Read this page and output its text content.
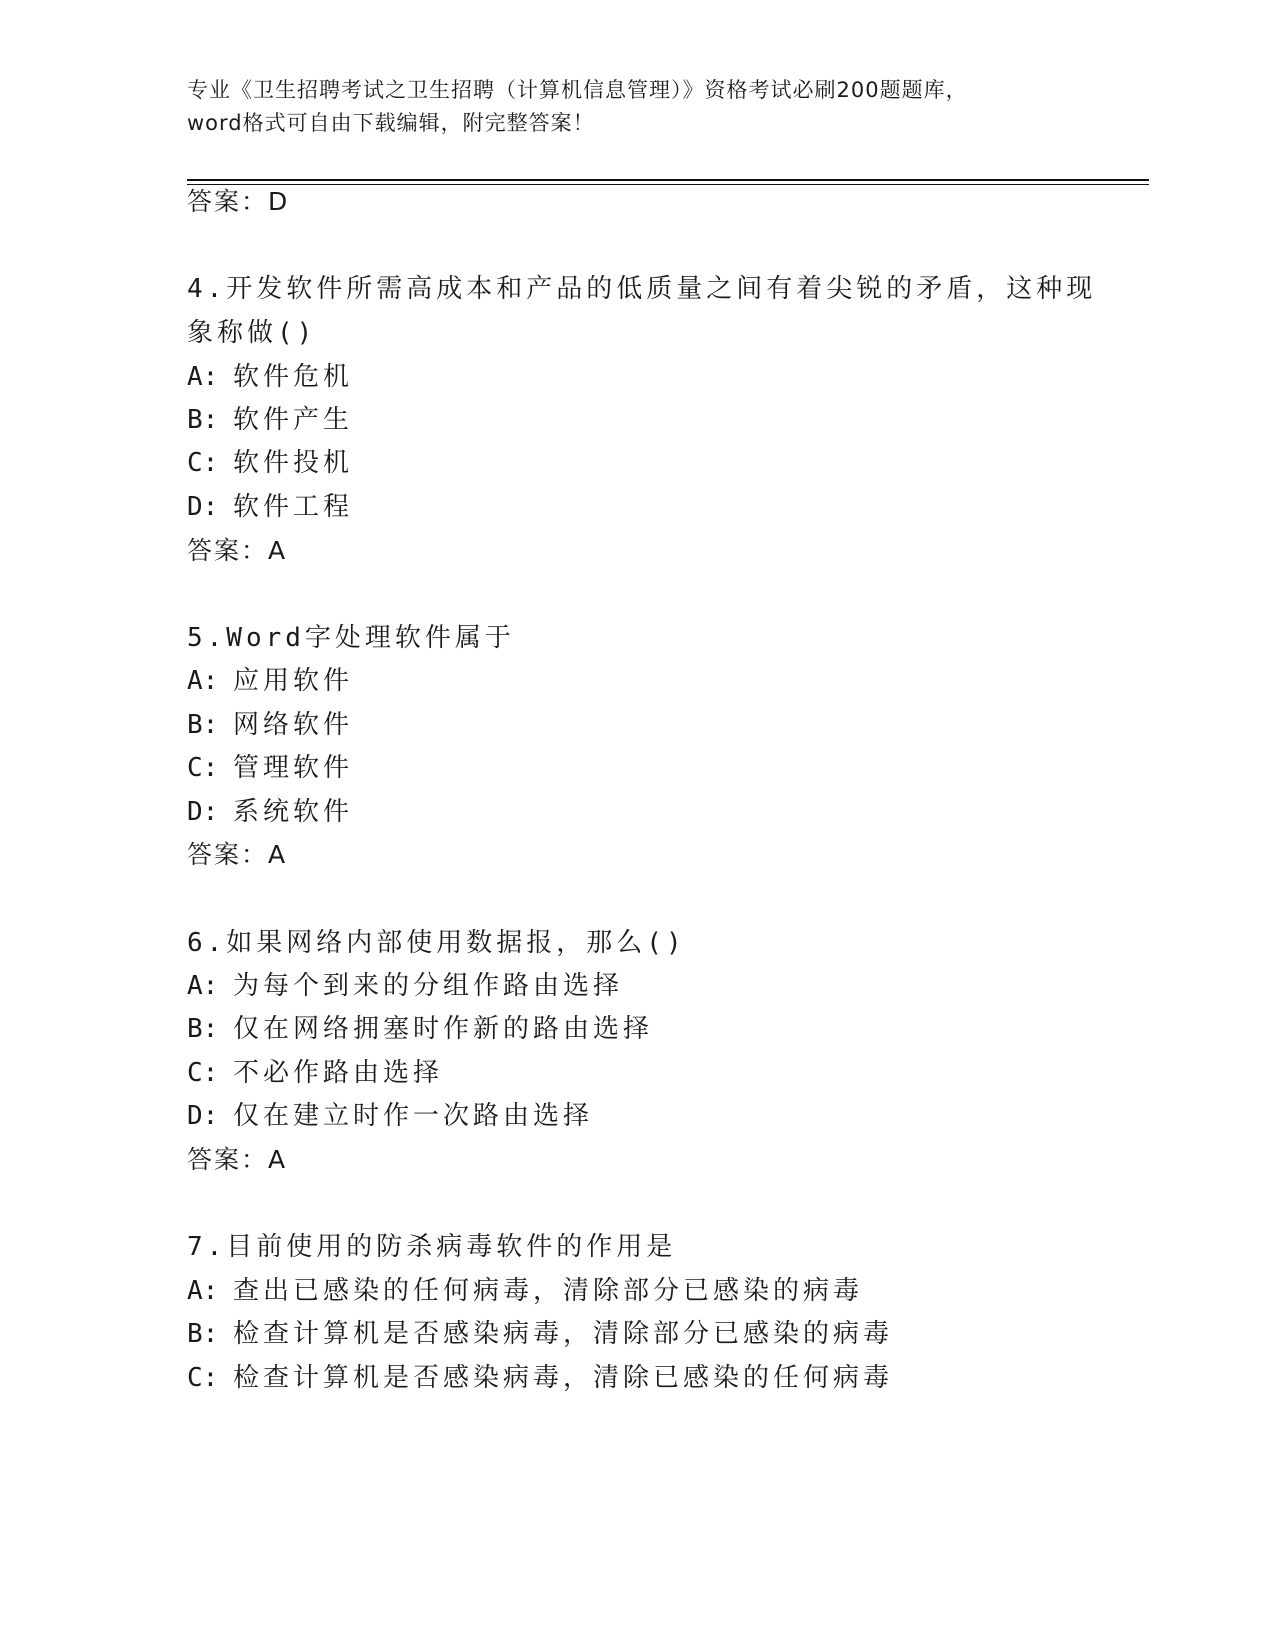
专业《卫生招聘考试之卫生招聘（计算机信息管理）》资格考试必刷200题题库，
word格式可自由下载编辑，附完整答案！
答案：D
4.开发软件所需高成本和产品的低质量之间有着尖锐的矛盾，这种现
象称做()
A: 软件危机
B: 软件产生
C: 软件投机
D: 软件工程
答案：A
5.Word字处理软件属于
A: 应用软件
B: 网络软件
C: 管理软件
D: 系统软件
答案：A
6.如果网络内部使用数据报，那么()
A: 为每个到来的分组作路由选择
B: 仅在网络拥塞时作新的路由选择
C: 不必作路由选择
D: 仅在建立时作一次路由选择
答案：A
7.目前使用的防杀病毒软件的作用是
A: 查出已感染的任何病毒，清除部分已感染的病毒
B: 检查计算机是否感染病毒，清除部分已感染的病毒
C: 检查计算机是否感染病毒，清除已感染的任何病毒
